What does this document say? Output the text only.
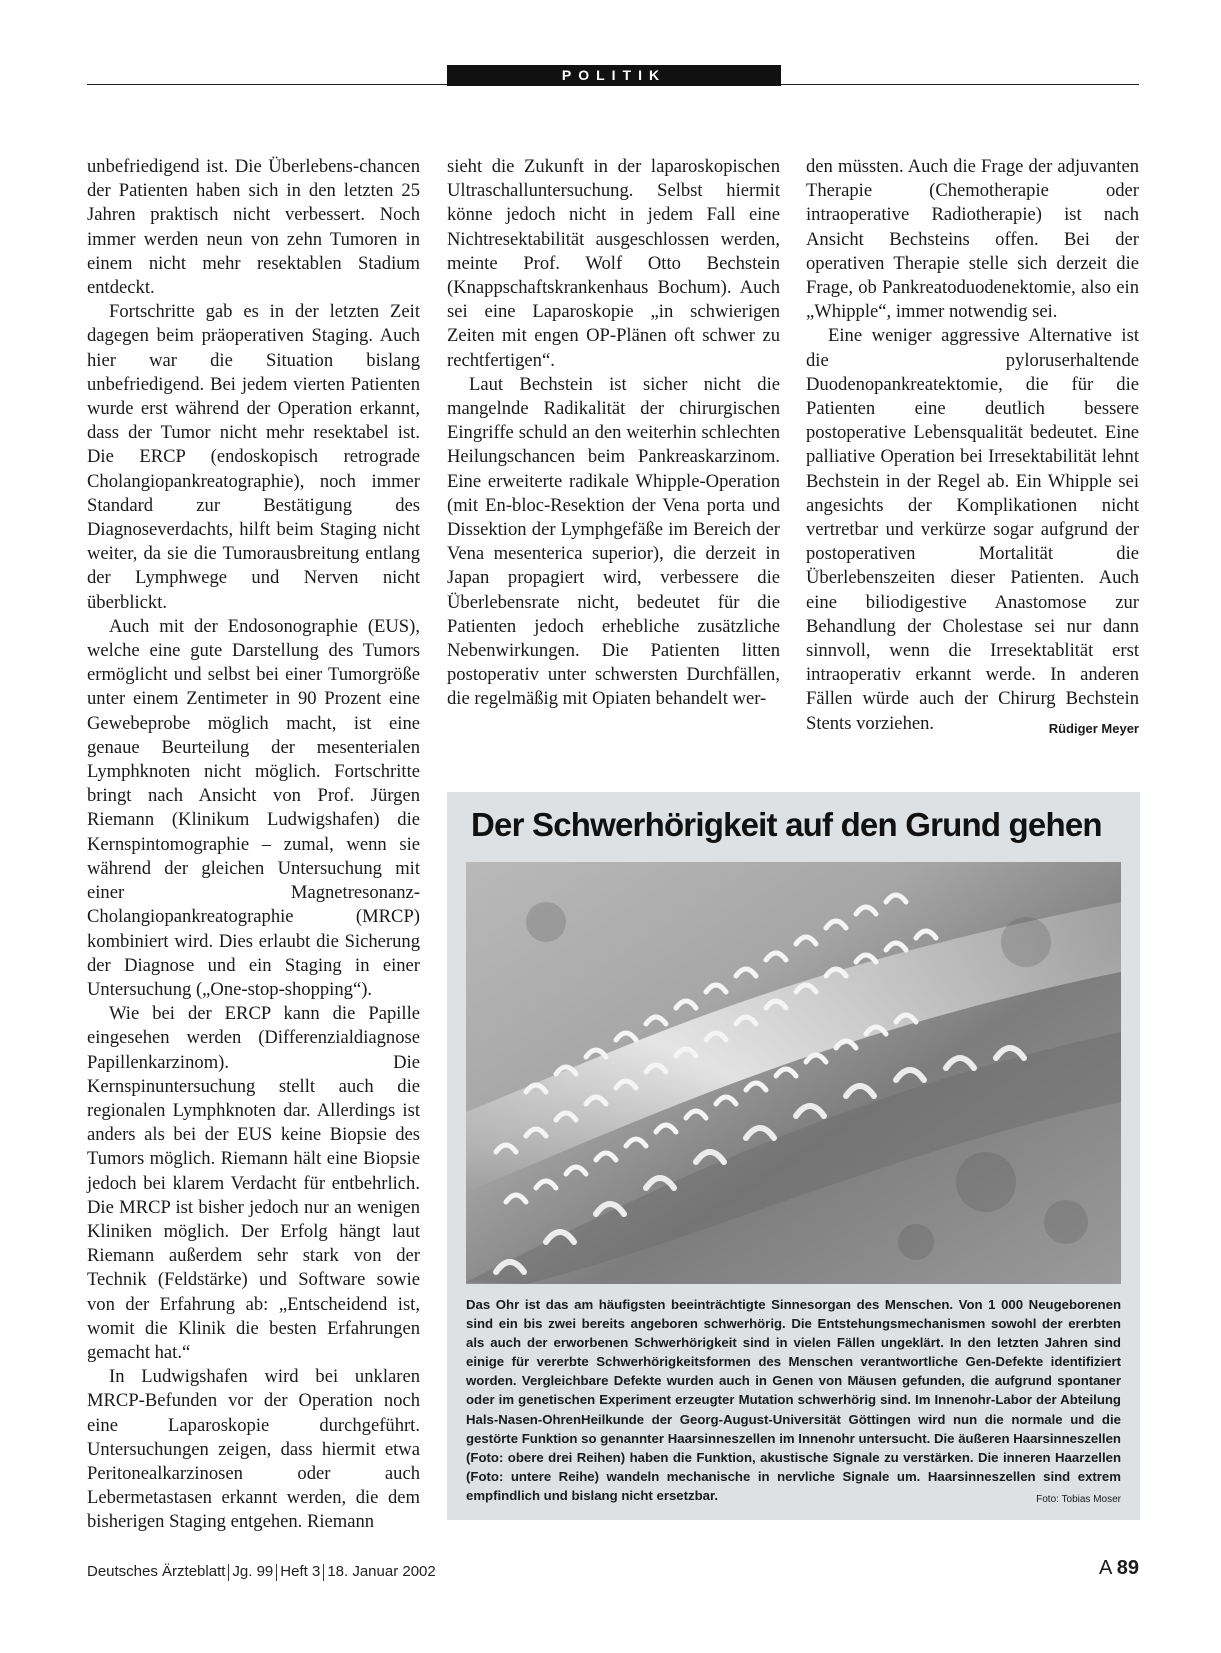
POLITIK

unbefriedigend ist. Die Überlebens-chancen der Patienten haben sich in den letzten 25 Jahren praktisch nicht verbessert. Noch immer werden neun von zehn Tumoren in einem nicht mehr resektablen Stadium entdeckt.

Fortschritte gab es in der letzten Zeit dagegen beim präoperativen Staging. Auch hier war die Situation bislang unbefriedigend. Bei jedem vierten Patienten wurde erst während der Operation erkannt, dass der Tumor nicht mehr resektabel ist. Die ERCP (endoskopisch retrograde Cholangiopankreatographie), noch immer Standard zur Bestätigung des Diagnoseverdachts, hilft beim Staging nicht weiter, da sie die Tumorausbreitung entlang der Lymphwege und Nerven nicht überblickt.

Auch mit der Endosonographie (EUS), welche eine gute Darstellung des Tumors ermöglicht und selbst bei einer Tumorgröße unter einem Zentimeter in 90 Prozent eine Gewebeprobe möglich macht, ist eine genaue Beurteilung der mesenterialen Lymphknoten nicht möglich. Fortschritte bringt nach Ansicht von Prof. Jürgen Riemann (Klinikum Ludwigshafen) die Kernspintomographie – zumal, wenn sie während der gleichen Untersuchung mit einer Magnetresonanz-Cholangiopankreatographie (MRCP) kombiniert wird. Dies erlaubt die Sicherung der Diagnose und ein Staging in einer Untersuchung („One-stop-shopping“).

Wie bei der ERCP kann die Papille eingesehen werden (Differenzialdiagnose Papillenkarzinom). Die Kernspinuntersuchung stellt auch die regionalen Lymphknoten dar. Allerdings ist anders als bei der EUS keine Biopsie des Tumors möglich. Riemann hält eine Biopsie jedoch bei klarem Verdacht für entbehrlich. Die MRCP ist bisher jedoch nur an wenigen Kliniken möglich. Der Erfolg hängt laut Riemann außerdem sehr stark von der Technik (Feldstärke) und Software sowie von der Erfahrung ab: „Entscheidend ist, womit die Klinik die besten Erfahrungen gemacht hat.“

In Ludwigshafen wird bei unklaren MRCP-Befunden vor der Operation noch eine Laparoskopie durchgeführt. Untersuchungen zeigen, dass hiermit etwa Peritonealkarzinosen oder auch Lebermetastasen erkannt werden, die dem bisherigen Staging entgehen. Riemann

sieht die Zukunft in der laparoskopischen Ultraschalluntersuchung. Selbst hiermit könne jedoch nicht in jedem Fall eine Nichtresektabilität ausgeschlossen werden, meinte Prof. Wolf Otto Bechstein (Knappschaftskrankenhaus Bochum). Auch sei eine Laparoskopie „in schwierigen Zeiten mit engen OP-Plänen oft schwer zu rechtfertigen“.

Laut Bechstein ist sicher nicht die mangelnde Radikalität der chirurgischen Eingriffe schuld an den weiterhin schlechten Heilungschancen beim Pankreaskarzinom. Eine erweiterte radikale Whipple-Operation (mit En-bloc-Resektion der Vena porta und Dissektion der Lymphgefäße im Bereich der Vena mesenterica superior), die derzeit in Japan propagiert wird, verbessere die Überlebensrate nicht, bedeutet für die Patienten jedoch erhebliche zusätzliche Nebenwirkungen. Die Patienten litten postoperativ unter schwersten Durchfällen, die regelmäßig mit Opiaten behandelt wer-

den müssten. Auch die Frage der adjuvanten Therapie (Chemotherapie oder intraoperative Radiotherapie) ist nach Ansicht Bechsteins offen. Bei der operativen Therapie stelle sich derzeit die Frage, ob Pankreatoduodenektomie, also ein „Whipple“, immer notwendig sei.

Eine weniger aggressive Alternative ist die pyloruserhaltende Duodenopankreatektomie, die für die Patienten eine deutlich bessere postoperative Lebensqualität bedeutet. Eine palliative Operation bei Irresektabilität lehnt Bechstein in der Regel ab. Ein Whipple sei angesichts der Komplikationen nicht vertretbar und verkürze sogar aufgrund der postoperativen Mortalität die Überlebenszeiten dieser Patienten. Auch eine biliodigestive Anastomose zur Behandlung der Cholestase sei nur dann sinnvoll, wenn die Irresektablität erst intraoperativ erkannt werde. In anderen Fällen würde auch der Chirurg Bechstein Stents vorziehen.	Rüdiger Meyer

Der Schwerhörigkeit auf den Grund gehen
Das Ohr ist das am häufigsten beeinträchtigte Sinnesorgan des Menschen. Von 1 000 Neugeborenen sind ein bis zwei bereits angeboren schwerhörig. Die Entstehungsmechanismen sowohl der ererbten als auch der erworbenen Schwerhörigkeit sind in vielen Fällen ungeklärt. In den letzten Jahren sind einige für vererbte Schwerhörigkeitsformen des Menschen verantwortliche Gen-Defekte identifiziert worden. Vergleichbare Defekte wurden auch in Genen von Mäusen gefunden, die aufgrund spontaner oder im genetischen Experiment erzeugter Mutation schwerhörig sind. Im Innenohr-Labor der Abteilung Hals-Nasen-OhrenHeilkunde der Georg-August-Universität Göttingen wird nun die normale und die gestörte Funktion so genannter Haarsinneszellen im Innenohr untersucht. Die äußeren Haarsinneszellen (Foto: obere drei Reihen) haben die Funktion, akustische Signale zu verstärken. Die inneren Haarzellen (Foto: untere Reihe) wandeln mechanische in nervliche Signale um. Haarsinneszellen sind extrem empfindlich und bislang nicht ersetzbar.	Foto: Tobias Moser
Deutsches Ärzteblatt Jg. 99 Heft 3 18. Januar 2002	A 89
